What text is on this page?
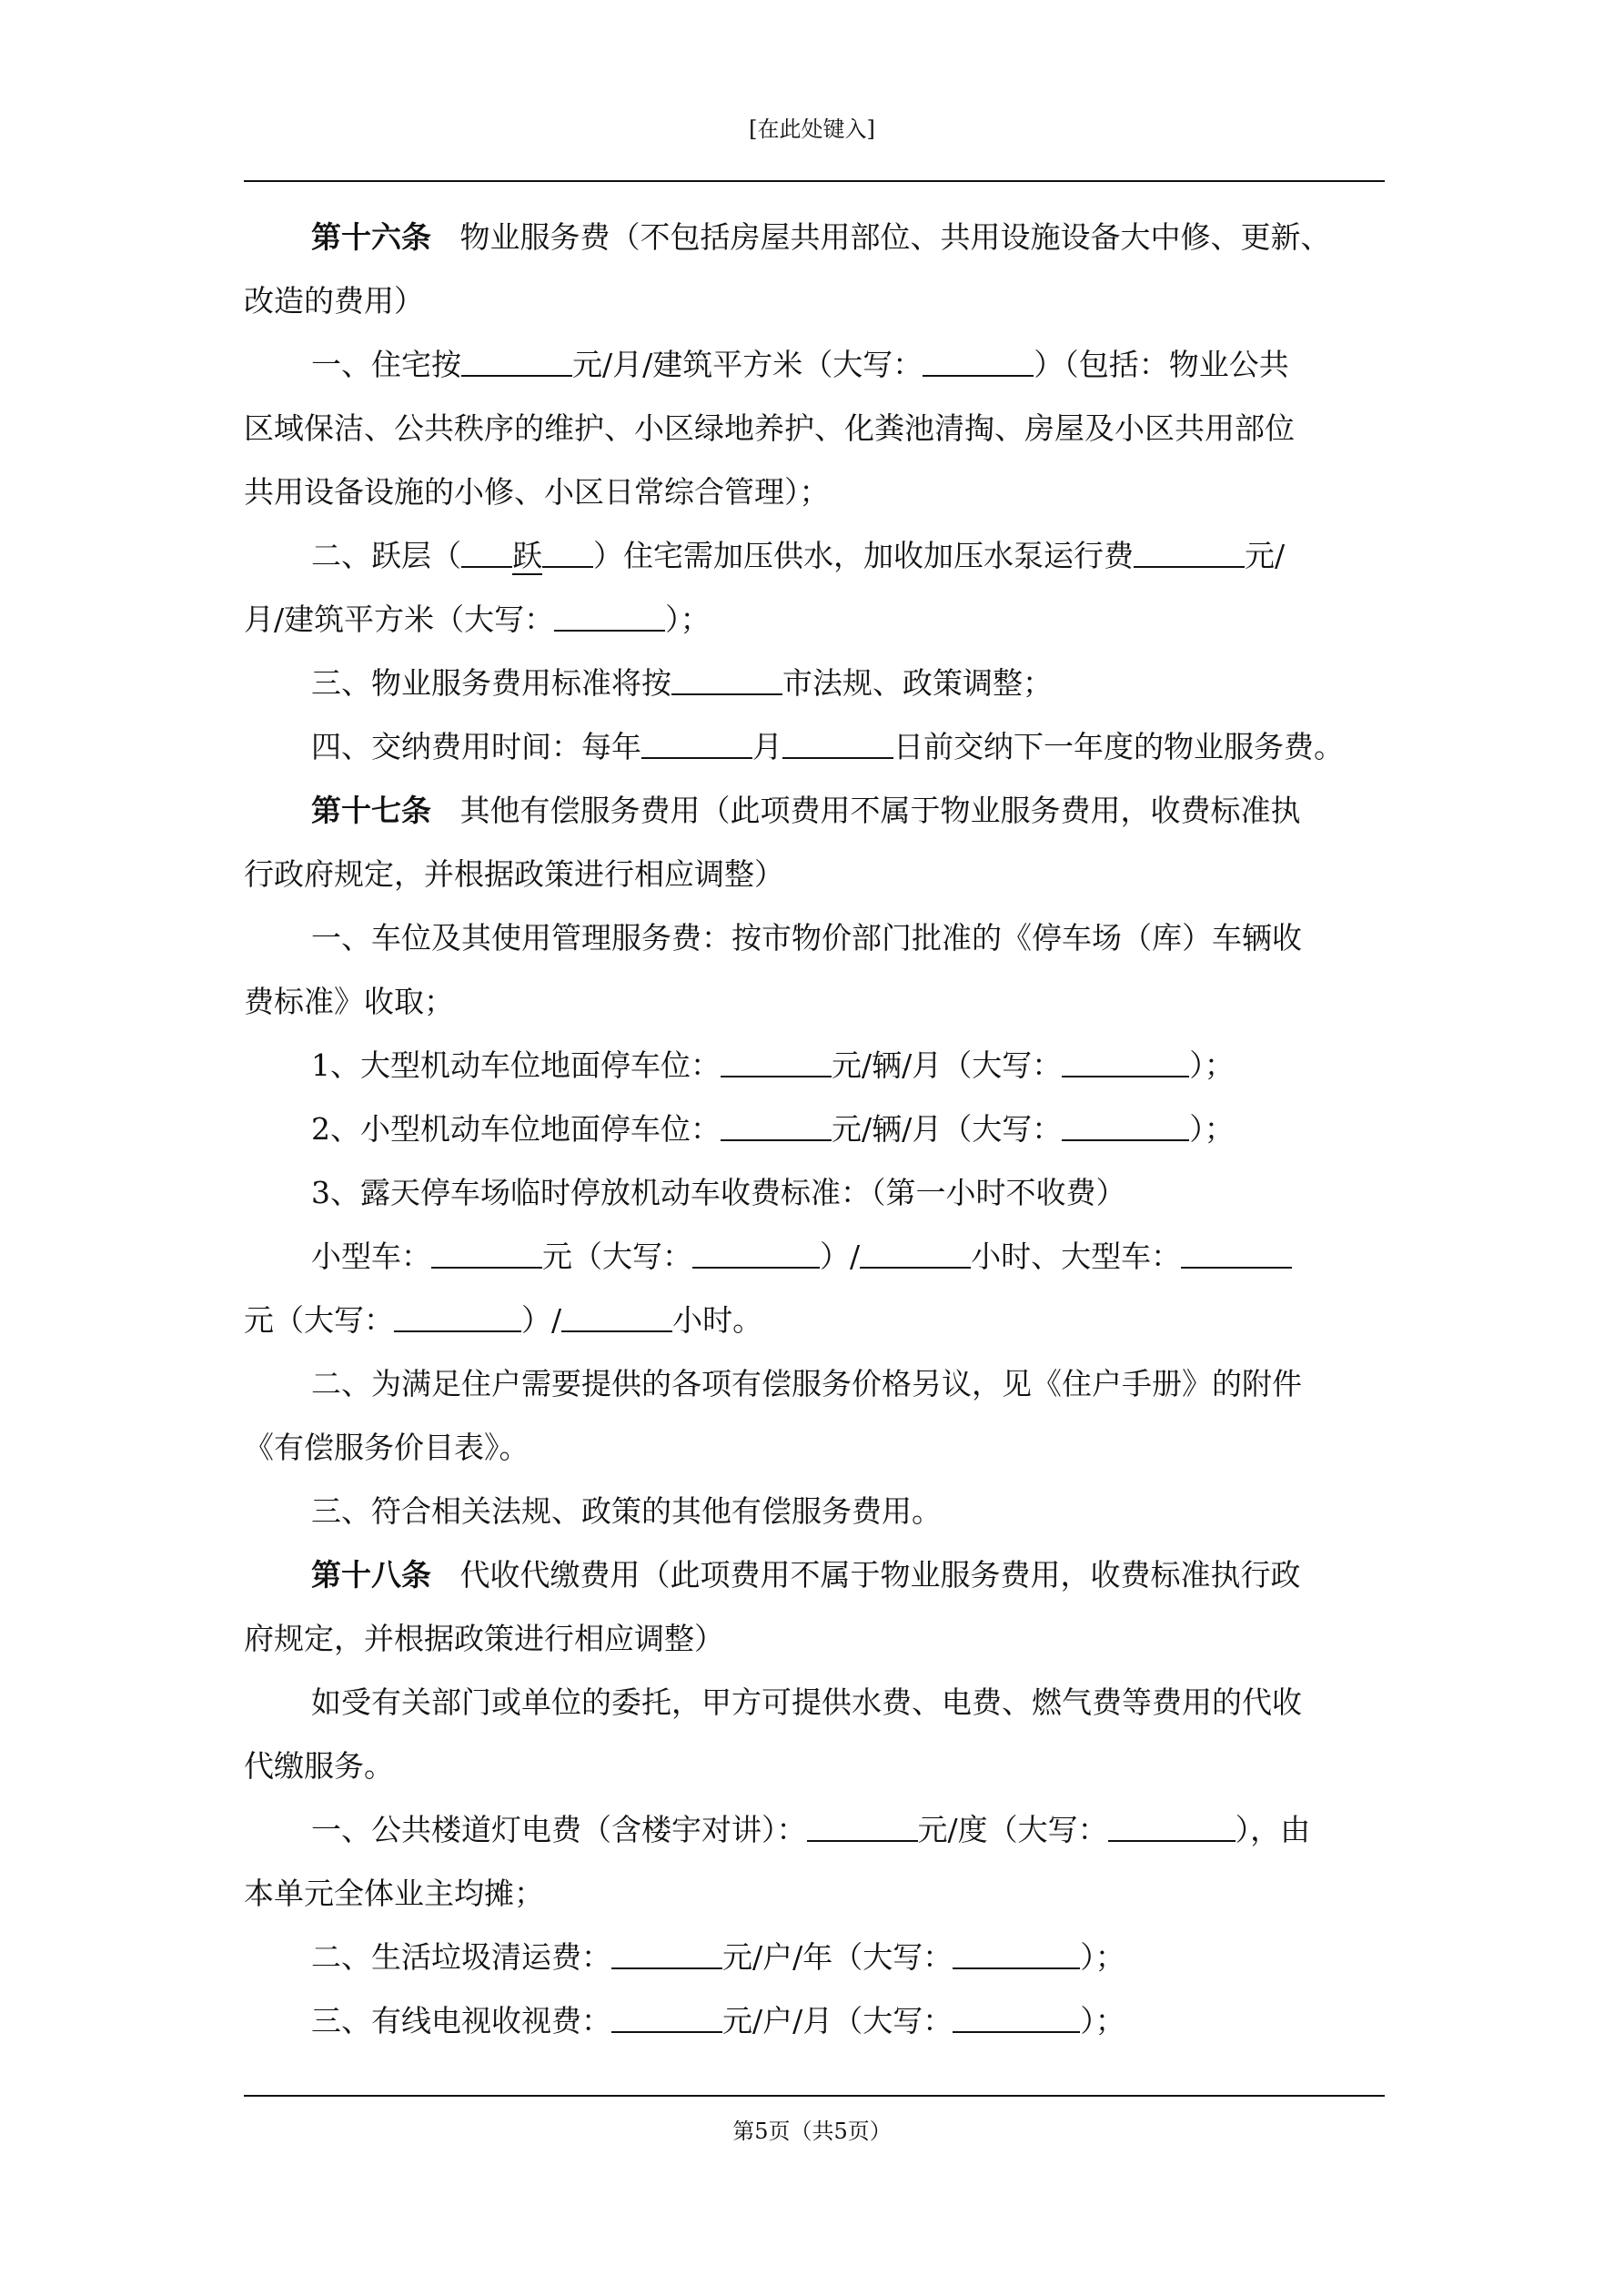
[在此处键入]

第十六条 物业服务费（不包括房屋共用部位、共用设施设备大中修、更新、

改造的费用）

一、住宅按	元/月/建筑平方米（大写：	）（包括：物业公共

区域保洁、公共秩序的维护、小区绿地养护、化粪池清掏、房屋及小区共用部位

共用设备设施的小修、小区日常综合管理）；

二、跃层（ 跃 ）住宅需加压供水，加收加压水泵运行费	元/

月/建筑平方米（大写：	）；

三、物业服务费用标准将按	市法规、政策调整；

四、交纳费用时间：每年	月	日前交纳下一年度的物业服务费。

第十七条 其他有偿服务费用（此项费用不属于物业服务费用，收费标准执

行政府规定，并根据政策进行相应调整）

一、车位及其使用管理服务费：按市物价部门批准的《停车场（库）车辆收

费标准》收取；

1、大型机动车位地面停车位：	元/辆/月（大写：	）；

2、小型机动车位地面停车位：	元/辆/月（大写：	）；

3、露天停车场临时停放机动车收费标准：（第一小时不收费）

小型车：	元（大写：	）/	小时、大型车：

元（大写：	）/	小时。

二、为满足住户需要提供的各项有偿服务价格另议，见《住户手册》的附件

《有偿服务价目表》。

三、符合相关法规、政策的其他有偿服务费用。

第十八条 代收代缴费用（此项费用不属于物业服务费用，收费标准执行政

府规定，并根据政策进行相应调整）

如受有关部门或单位的委托，甲方可提供水费、电费、燃气费等费用的代收

代缴服务。

一、公共楼道灯电费（含楼宇对讲）：	元/度（大写：	），由

本单元全体业主均摊；

二、生活垃圾清运费：	元/户/年（大写：	）；

三、有线电视收视费：	元/户/月（大写：	）；

第5页（共5页）
